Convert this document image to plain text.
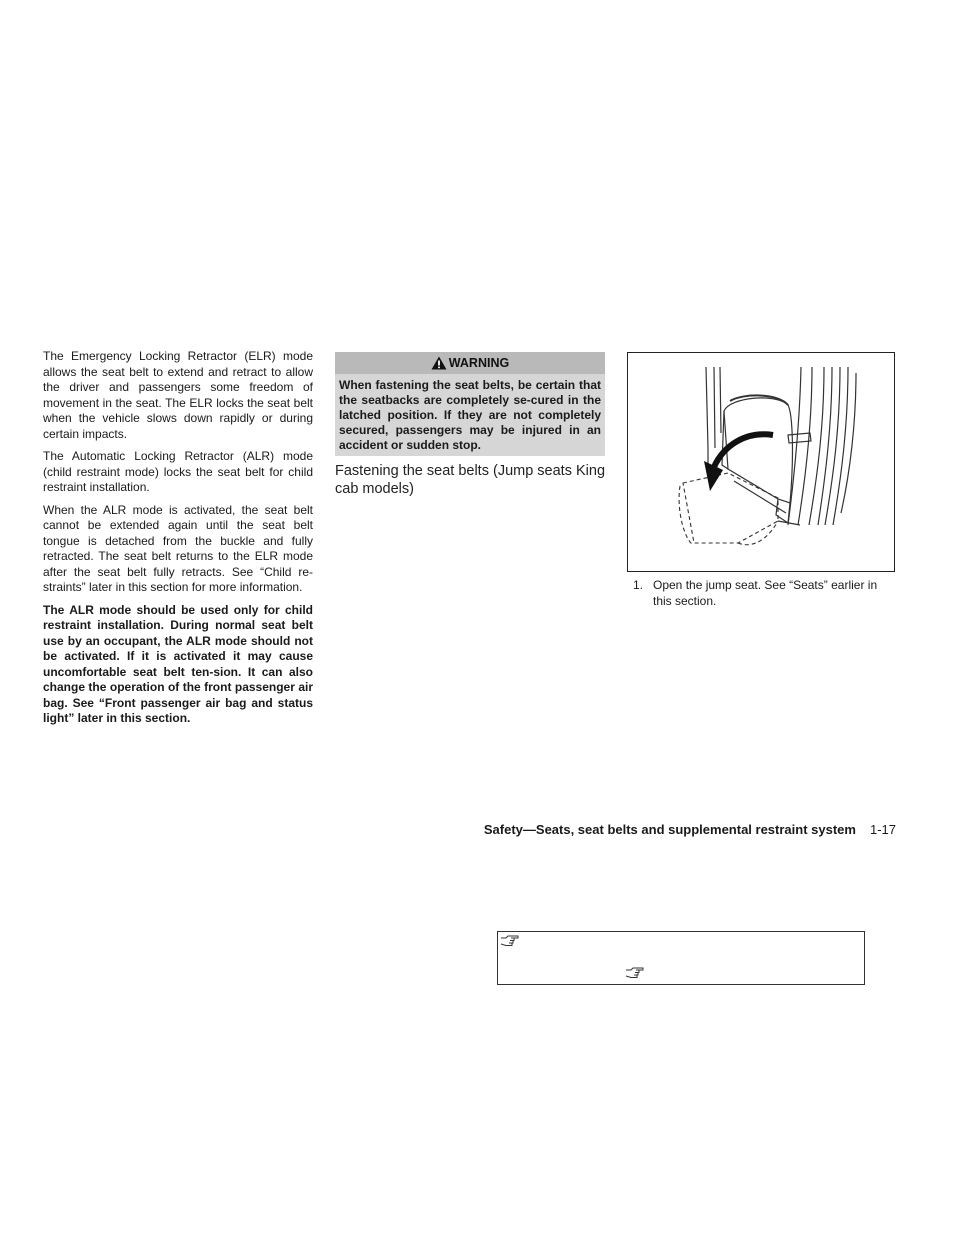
The Emergency Locking Retractor (ELR) mode allows the seat belt to extend and retract to allow the driver and passengers some freedom of movement in the seat. The ELR locks the seat belt when the vehicle slows down rapidly or during certain impacts.

The Automatic Locking Retractor (ALR) mode (child restraint mode) locks the seat belt for child restraint installation.

When the ALR mode is activated, the seat belt cannot be extended again until the seat belt tongue is detached from the buckle and fully retracted. The seat belt returns to the ELR mode after the seat belt fully retracts. See “Child re-straints” later in this section for more information.

The ALR mode should be used only for child restraint installation. During normal seat belt use by an occupant, the ALR mode should not be activated. If it is activated it may cause uncomfortable seat belt ten-sion. It can also change the operation of the front passenger air bag. See “Front passenger air bag and status light” later in this section.

WARNING
When fastening the seat belts, be certain that the seatbacks are completely se-cured in the latched position. If they are not completely secured, passengers may be injured in an accident or sudden stop.
Fastening the seat belts (Jump seats King cab models)
1. Open the jump seat. See “Seats” earlier in this section.
Safety—Seats, seat belts and supplemental restraint system 1-17
